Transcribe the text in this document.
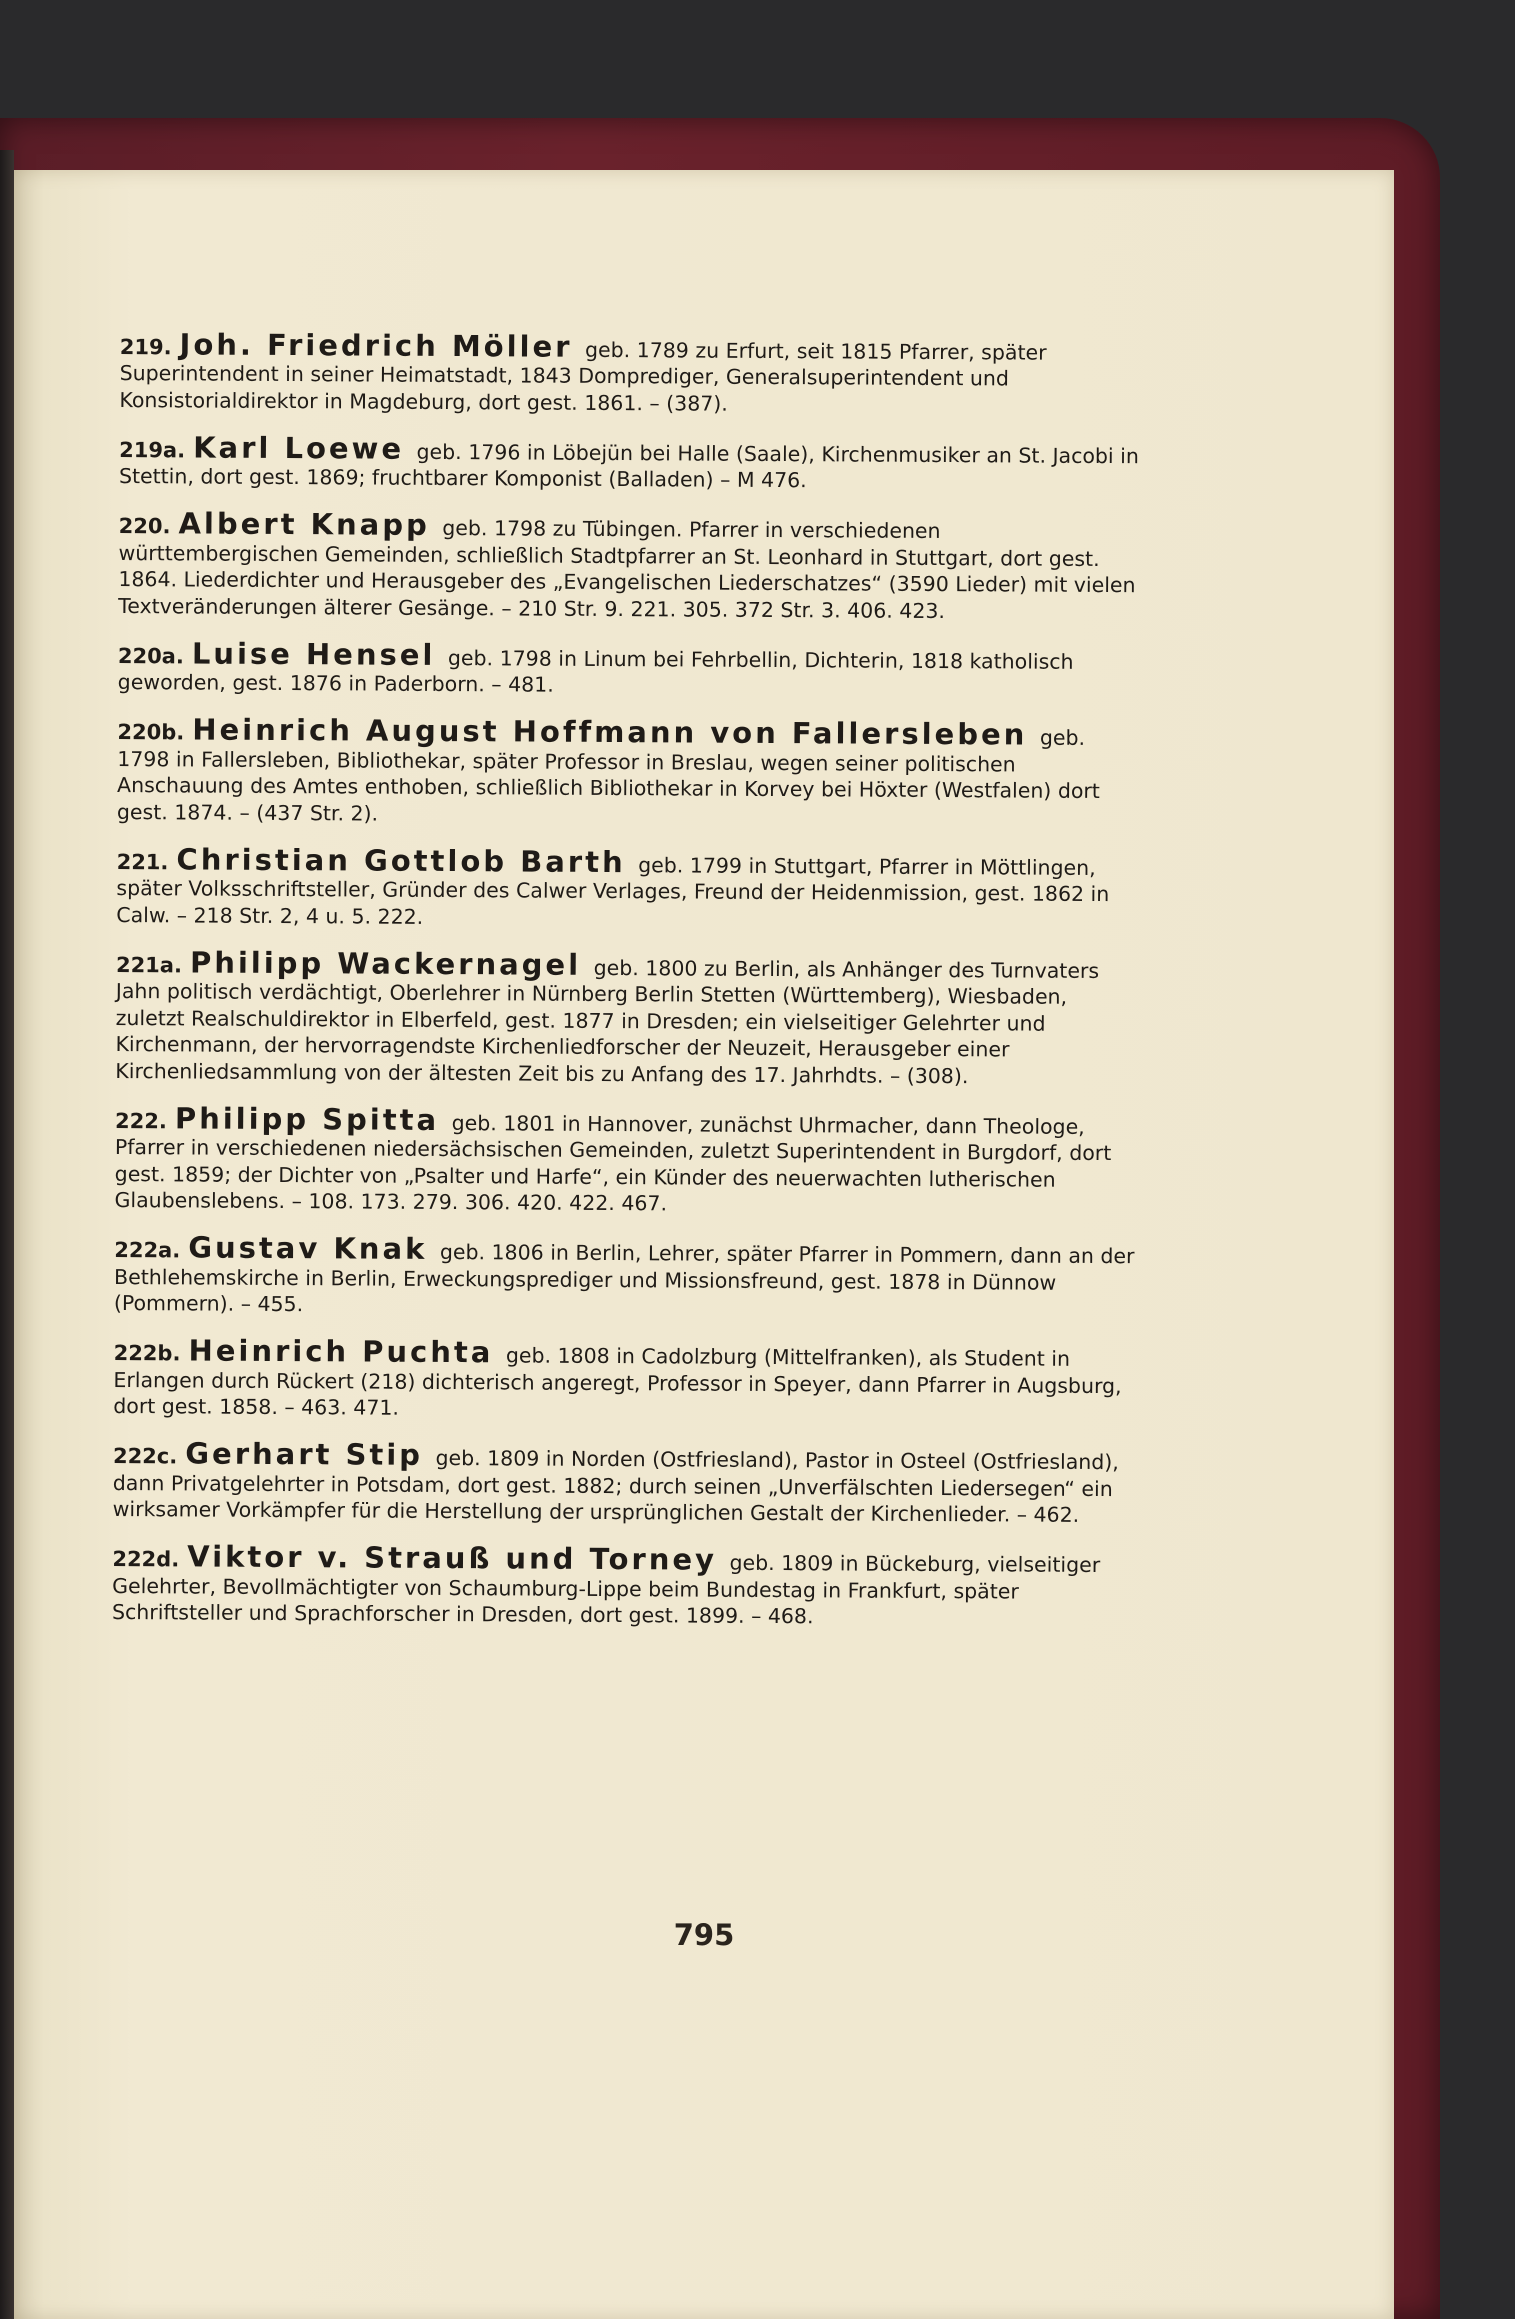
219. Joh. Friedrich Möller geb. 1789 zu Erfurt, seit 1815 Pfarrer, später Superintendent in seiner Heimatstadt, 1843 Domprediger, Generalsuperintendent und Konsistorialdirektor in Magdeburg, dort gest. 1861. – (387).

219a. Karl Loewe geb. 1796 in Löbejün bei Halle (Saale), Kirchenmusiker an St. Jacobi in Stettin, dort gest. 1869; fruchtbarer Komponist (Balladen) – M 476.

220. Albert Knapp geb. 1798 zu Tübingen. Pfarrer in verschiedenen württembergischen Gemeinden, schließlich Stadtpfarrer an St. Leonhard in Stuttgart, dort gest. 1864. Liederdichter und Herausgeber des „Evangelischen Liederschatzes“ (3590 Lieder) mit vielen Textveränderungen älterer Gesänge. – 210 Str. 9. 221. 305. 372 Str. 3. 406. 423.

220a. Luise Hensel geb. 1798 in Linum bei Fehrbellin, Dichterin, 1818 katholisch geworden, gest. 1876 in Paderborn. – 481.

220b. Heinrich August Hoffmann von Fallersleben geb. 1798 in Fallersleben, Bibliothekar, später Professor in Breslau, wegen seiner politischen Anschauung des Amtes enthoben, schließlich Bibliothekar in Korvey bei Höxter (Westfalen) dort gest. 1874. – (437 Str. 2).

221. Christian Gottlob Barth geb. 1799 in Stuttgart, Pfarrer in Möttlingen, später Volksschriftsteller, Gründer des Calwer Verlages, Freund der Heidenmission, gest. 1862 in Calw. – 218 Str. 2, 4 u. 5. 222.

221a. Philipp Wackernagel geb. 1800 zu Berlin, als Anhänger des Turnvaters Jahn politisch verdächtigt, Oberlehrer in Nürnberg Berlin Stetten (Württemberg), Wiesbaden, zuletzt Realschuldirektor in Elberfeld, gest. 1877 in Dresden; ein vielseitiger Gelehrter und Kirchenmann, der hervorragendste Kirchenliedforscher der Neuzeit, Herausgeber einer Kirchenliedsammlung von der ältesten Zeit bis zu Anfang des 17. Jahrhdts. – (308).

222. Philipp Spitta geb. 1801 in Hannover, zunächst Uhrmacher, dann Theologe, Pfarrer in verschiedenen niedersächsischen Gemeinden, zuletzt Superintendent in Burgdorf, dort gest. 1859; der Dichter von „Psalter und Harfe“, ein Künder des neuerwachten lutherischen Glaubenslebens. – 108. 173. 279. 306. 420. 422. 467.

222a. Gustav Knak geb. 1806 in Berlin, Lehrer, später Pfarrer in Pommern, dann an der Bethlehemskirche in Berlin, Erweckungsprediger und Missionsfreund, gest. 1878 in Dünnow (Pommern). – 455.

222b. Heinrich Puchta geb. 1808 in Cadolzburg (Mittelfranken), als Student in Erlangen durch Rückert (218) dichterisch angeregt, Professor in Speyer, dann Pfarrer in Augsburg, dort gest. 1858. – 463. 471.

222c. Gerhart Stip geb. 1809 in Norden (Ostfriesland), Pastor in Osteel (Ostfriesland), dann Privatgelehrter in Potsdam, dort gest. 1882; durch seinen „Unverfälschten Liedersegen“ ein wirksamer Vorkämpfer für die Herstellung der ursprünglichen Gestalt der Kirchenlieder. – 462.

222d. Viktor v. Strauß und Torney geb. 1809 in Bückeburg, vielseitiger Gelehrter, Bevollmächtigter von Schaumburg-Lippe beim Bundestag in Frankfurt, später Schriftsteller und Sprachforscher in Dresden, dort gest. 1899. – 468.

795
